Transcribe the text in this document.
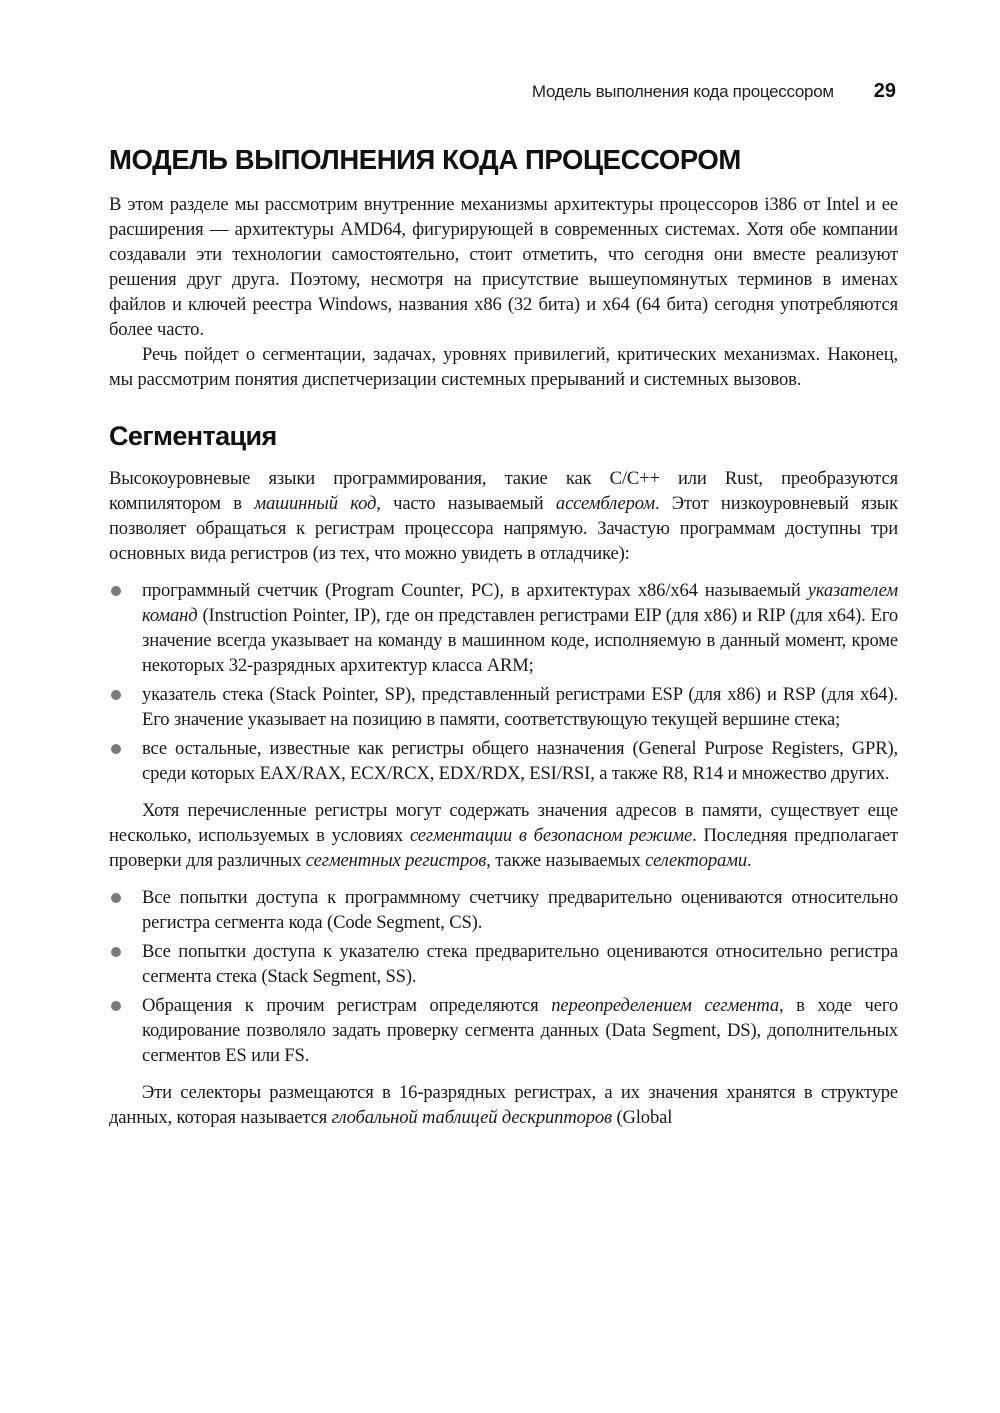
Модель выполнения кода процессором 29
МОДЕЛЬ ВЫПОЛНЕНИЯ КОДА ПРОЦЕССОРОМ

В этом разделе мы рассмотрим внутренние механизмы архитектуры процессоров i386 от Intel и ее расширения — архитектуры AMD64, фигурирующей в современных системах. Хотя обе компании создавали эти технологии самостоятельно, стоит отметить, что сегодня они вместе реализуют решения друг друга. Поэтому, несмотря на присутствие вышеупомянутых терминов в именах файлов и ключей реестра Windows, названия x86 (32 бита) и x64 (64 бита) сегодня употребляются более часто.

Речь пойдет о сегментации, задачах, уровнях привилегий, критических механизмах. Наконец, мы рассмотрим понятия диспетчеризации системных прерываний и системных вызовов.

Сегментация

Высокоуровневые языки программирования, такие как C/C++ или Rust, преобразуются компилятором в машинный код, часто называемый ассемблером. Этот низкоуровневый язык позволяет обращаться к регистрам процессора напрямую. Зачастую программам доступны три основных вида регистров (из тех, что можно увидеть в отладчике):

программный счетчик (Program Counter, PC), в архитектурах x86/x64 называемый указателем команд (Instruction Pointer, IP), где он представлен регистрами EIP (для x86) и RIP (для x64). Его значение всегда указывает на команду в машинном коде, исполняемую в данный момент, кроме некоторых 32-разрядных архитектур класса ARM;
указатель стека (Stack Pointer, SP), представленный регистрами ESP (для x86) и RSP (для x64). Его значение указывает на позицию в памяти, соответствующую текущей вершине стека;
все остальные, известные как регистры общего назначения (General Purpose Registers, GPR), среди которых EAX/RAX, ECX/RCX, EDX/RDX, ESI/RSI, а также R8, R14 и множество других.

Хотя перечисленные регистры могут содержать значения адресов в памяти, существует еще несколько, используемых в условиях сегментации в безопасном режиме. Последняя предполагает проверки для различных сегментных регистров, также называемых селекторами.

Все попытки доступа к программному счетчику предварительно оцениваются относительно регистра сегмента кода (Code Segment, CS).
Все попытки доступа к указателю стека предварительно оцениваются относительно регистра сегмента стека (Stack Segment, SS).
Обращения к прочим регистрам определяются переопределением сегмента, в ходе чего кодирование позволяло задать проверку сегмента данных (Data Segment, DS), дополнительных сегментов ES или FS.

Эти селекторы размещаются в 16-разрядных регистрах, а их значения хранятся в структуре данных, которая называется глобальной таблицей дескрипторов (Global
